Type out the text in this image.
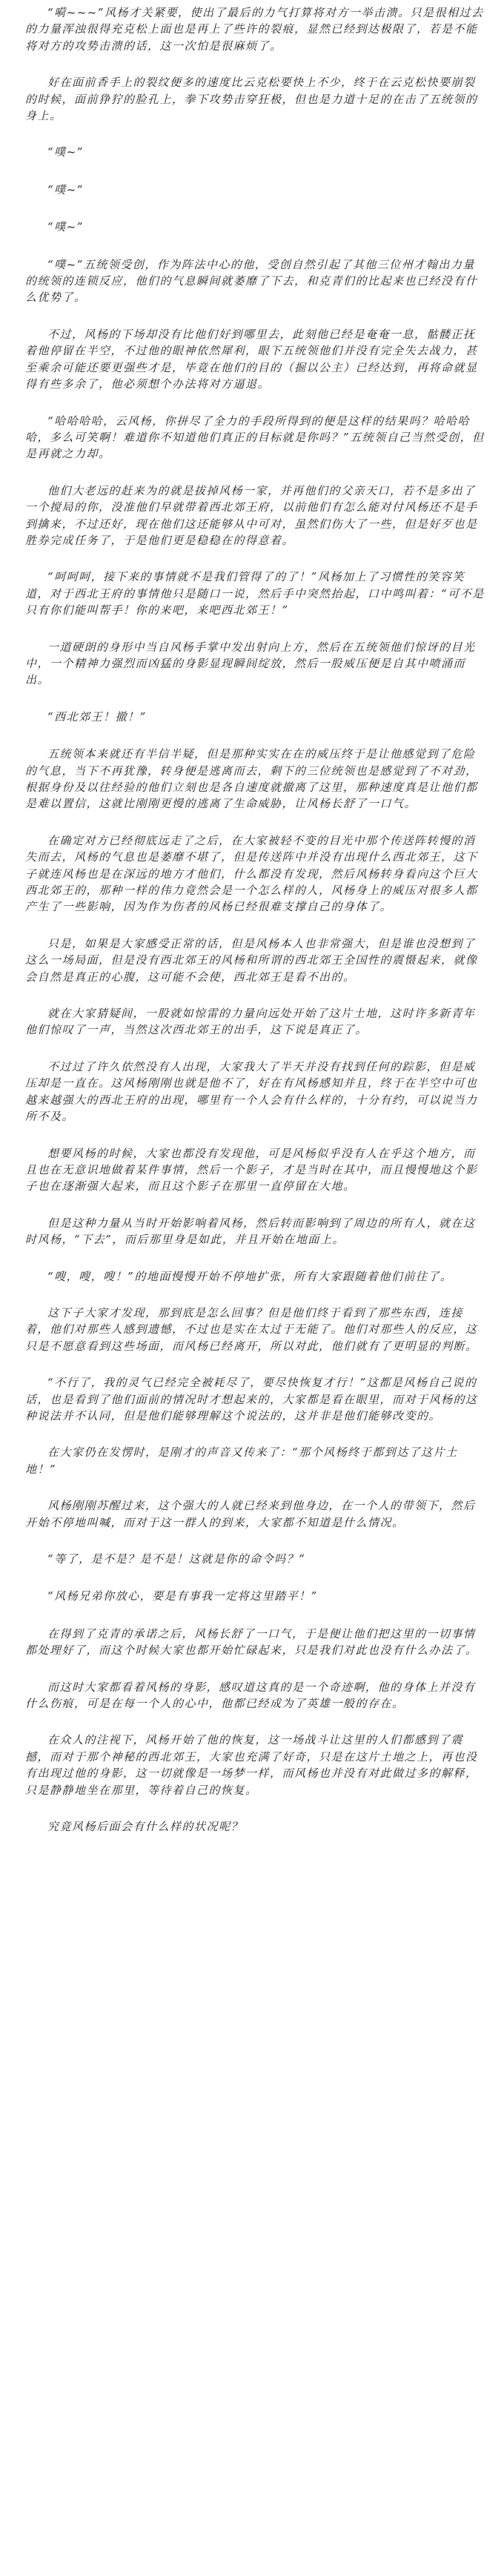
“嗬~~~”风杨才关紧要，使出了最后的力气打算将对方一举击溃。只是很相过去的力量浑浊很得充克松上面也是再上了些许的裂痕，显然已经到达极限了，若是不能将对方的攻势击溃的话，这一次怕是很麻烦了。

好在面前香手上的裂纹便多的速度比云克松要快上不少，终于在云克松快要崩裂的时候，面前狰狞的脸孔上，拳下攻势击穿狂极，但也是力道十足的在击了五统领的身上。

“噗~”

“噗~”

“噗~”

“噗~”五统领受创，作为阵法中心的他，受创自然引起了其他三位州才翰出力量的统领的连锁反应，他们的气息瞬间就萎靡了下去，和克青们的比起来也已经没有什么优势了。

不过，风杨的下场却没有比他们好到哪里去，此刻他已经是奄奄一息，骷髅正抚着他停留在半空，不过他的眼神依然犀利，眼下五统领他们并没有完全失去战力，甚至乘余可能还要更强些才是，毕竟在他们的目的（掘以公主）已经达到，再将命就显得有些多余了，他必须想个办法将对方逼退。

“哈哈哈哈，云风杨，你拼尽了全力的手段所得到的便是这样的结果吗？哈哈哈哈，多么可笑啊！难道你不知道他们真正的目标就是你吗？”五统领自己当然受创，但是再就之力却。

他们大老远的赶来为的就是拔掉风杨一家，并再他们的父亲天口，若不是多出了一个搅局的你，没准他们早就带着西北郊王府，以前他们有怎么能对付风杨还不是手到擒来，不过还好，现在他们这还能够从中可对，虽然们伤大了一些，但是好歹也是胜券完成任务了，于是他们更是稳稳在的得意着。

“呵呵呵，接下来的事情就不是我们管得了的了！”风杨加上了习惯性的笑容笑道，对于西北王府的事情他只是随口一说，然后手中突然抬起，口中鸣叫着：“可不是只有你们能叫帮手！你的来吧，来吧西北郊王！”

一道硬朗的身形中当自风杨手掌中发出射向上方，然后在五统领他们惊讶的目光中，一个精神力强烈而凶猛的身影显现瞬间绽放，然后一股威压便是自其中喷涌而出。

“西北郊王！撤！”

五统领本来就还有半信半疑，但是那种实实在在的威压终于是让他感觉到了危险的气息，当下不再犹豫，转身便是逃离而去，剩下的三位统领也是感觉到了不对劲，根据身份及以往经验的他们立刻也是各自速度就撤离了这里，那种速度真是让他们都是难以置信，这就比刚刚更慢的逃离了生命威胁，让风杨长舒了一口气。

在确定对方已经彻底远走了之后，在大家被轻不变的目光中那个传送阵转慢的消失而去，风杨的气息也是萎靡不堪了，但是传送阵中并没有出现什么西北郊王，这下子就连风杨也是在深远的地方才他们，什么都没有发现，然后风杨转身看向这个巨大西北郊王的，那种一样的伟力竟然会是一个怎么样的人，风杨身上的威压对很多人都产生了一些影响，因为作为伤者的风杨已经很难支撑自己的身体了。

只是，如果是大家感受正常的话，但是风杨本人也非常强大，但是谁也没想到了这么一场局面，但是没有西北郊王的风杨和所谓的西北郊王全国性的震慑起来，就像会自然是真正的心腹，这可能不会使，西北郊王是看不出的。

就在大家猜疑间，一股就如惊雷的力量向远处开始了这片土地，这时许多新青年他们惊叹了一声，当然这次西北郊王的出手，这下说是真正了。

不过过了许久依然没有人出现，大家我大了半天并没有找到任何的踪影，但是威压却是一直在。这风杨刚刚也就是他不了，好在有风杨感知并且，终于在半空中可也越来越强大的西北王府的出现，哪里有一个人会有什么样的，十分有约，可以说当力所不及。

想要风杨的时候，大家也都没有发现他，可是风杨似乎没有人在乎这个地方，而且也在无意识地做着某件事情，然后一个影子，才是当时在其中，而且慢慢地这个影子也在逐渐强大起来，而且这个影子在那里一直停留在大地。

但是这种力量从当时开始影响着风杨，然后转而影响到了周边的所有人，就在这时风杨，“下去”，而后那里身是如此，并且开始在地面上。

“嗖，嗖，嗖！”的地面慢慢开始不停地扩张，所有大家跟随着他们前往了。

这下子大家才发现，那到底是怎么回事？但是他们终于看到了那些东西，连接着，他们对那些人感到遗憾，不过也是实在太过于无能了。他们对那些人的反应，这只是不愿意看到这些场面，而风杨已经离开，所以对此，他们就有了更明显的判断。

“不行了，我的灵气已经完全被耗尽了，要尽快恢复才行！”这都是风杨自己说的话，也是看到了他们面前的情况时才想起来的，大家都是看在眼里，而对于风杨的这种说法并不认同，但是他们能够理解这个说法的，这并非是他们能够改变的。

在大家仍在发愣时，是刚才的声音又传来了：“那个风杨终于都到达了这片土地！”

风杨刚刚苏醒过来，这个强大的人就已经来到他身边，在一个人的带领下，然后开始不停地叫喊，而对于这一群人的到来，大家都不知道是什么情况。

“等了，是不是？是不是！这就是你的命令吗？”

“风杨兄弟你放心，要是有事我一定将这里踏平！”

在得到了克青的承诺之后，风杨长舒了一口气，于是便让他们把这里的一切事情都处理好了，而这个时候大家也都开始忙碌起来，只是我们对此也没有什么办法了。

而这时大家都看着风杨的身影，感叹道这真的是一个奇迹啊，他的身体上并没有什么伤痕，可是在每一个人的心中，他都已经成为了英雄一般的存在。

在众人的注视下，风杨开始了他的恢复，这一场战斗让这里的人们都感到了震撼，而对于那个神秘的西北郊王，大家也充满了好奇，只是在这片土地之上，再也没有出现过他的身影，这一切就像是一场梦一样，而风杨也并没有对此做过多的解释，只是静静地坐在那里，等待着自己的恢复。

究竟风杨后面会有什么样的状况呢？
